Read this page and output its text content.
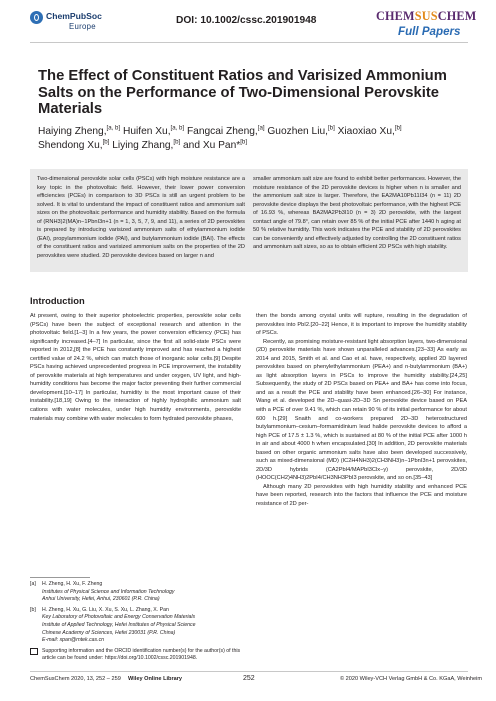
ChemPubSoc
Europe
DOI: 10.1002/cssc.201901948	CHEMSUSCHEM
Full Papers
The Effect of Constituent Ratios and Varisized Ammonium Salts on the Performance of Two-Dimensional Perovskite Materials
Haiying Zheng,[a, b] Huifen Xu,[a, b] Fangcai Zheng,[a] Guozhen Liu,[b] Xiaoxiao Xu,[b]
Shendong Xu,[b] Liying Zhang,[b] and Xu Pan*[b]
Two-dimensional perovskite solar cells (PSCs) with high moisture resistance are a key topic in the photovoltaic field. However, their lower power conversion efficiencies (PCEs) in comparison to 3D PSCs is still an urgent problem to be solved. It is vital to understand the impact of constituent ratios and ammonium salt sizes on the photovoltaic performance and humidity stability. Based on the formula of (RNH3)2(MA)n−1PbnI3n+1 (n = 1, 3, 5, 7, 9, and 11), a series of 2D perovskites is prepared by introducing varisized ammonium salts of ethylammonium iodide (EAI), propylammonium iodide (PAI), and butylammonium iodide (BAI). The effects of the constituent ratios and varisized ammonium salts on the properties of the 2D perovskites were studied. 2D perovskite devices based on larger n and
smaller ammonium salt size are found to exhibit better performances. However, the moisture resistance of the 2D perovskite devices is higher when n is smaller and the ammonium salt size is larger. Therefore, the EA2MA10Pb11I34 (n = 11) 2D perovskite device displays the best photovoltaic performance, with the highest PCE of 16.93 %, whereas BA2MA2Pb3I10 (n = 3) 2D perovskite, with the largest contact angle of 79.8°, can retain over 85 % of the initial PCE after 1440 h aging at 50 % relative humidity. This work indicates the PCE and stability of 2D perovskites can be conveniently and effectively adjusted by controlling the 2D constituent ratios and ammonium salt sizes, so as to obtain efficient 2D PSCs with high stability.
Introduction

At present, owing to their superior photoelectric properties, perovskite solar cells (PSCs) have been the subject of exceptional research and attention in the photovoltaic field.[1–3] In a few years, the power conversion efficiency (PCE) has significantly increased.[4–7] In particular, since the first all solid-state PSCs were reported in 2012,[8] the PCE has constantly improved and has reached a highest certified value of 24.2 %, which can match those of inorganic solar cells.[9] Despite PSCs having achieved unprecedented progress in PCE improvement, the instability of perovskite materials at high temperatures and under oxygen, UV light, and high-humidity conditions has become the major factor preventing their further commercial development.[10–17] In particular, humidity is the most important cause of their instability.[18,19] Owing to the interaction of highly hydrophilic ammonium salt cations with water molecules, under high humidity environments, perovskite materials may combine with water molecules to form hydrated perovskite phases,

then the bonds among crystal units will rupture, resulting in the degradation of perovskites into PbI2.[20–22] Hence, it is important to improve the humidity stability of PSCs.

Recently, as promising moisture-resistant light absorption layers, two-dimensional (2D) perovskite materials have shown unparalleled advances.[23–33] As early as 2014 and 2015, Smith et al. and Cao et al. have, respectively, applied 2D layered perovskites based on phenylethylammonium (PEA+) and n-butylammonium (BA+) as light absorption layers in PSCs to improve the humidity stability.[24,25] Subsequently, the study of 2D PSCs based on PEA+ and BA+ has come into focus, and as a result the PCE and stability have been enhanced.[26–30] For instance, Wang et al. developed the 2D–quasi-2D–3D Sn perovskite device based on PEA with a PCE of over 9.41 %, which can retain 90 % of its initial performance for about 600 h.[29] Snaith and co-workers prepared 2D–3D heterostructured butylammonium–cesium–formamidinium lead halide perovskite devices to afford a high PCE of 17.5 ± 1.3 %, which is sustained at 80 % of the initial PCE after 1000 h in air and about 4000 h when encapsulated.[30] In addition, 2D perovskite materials based on other organic ammonium salts have also been developed successively, such as mixed-dimensional (MD) (IC2H4NH3)2(CH3NH3)n−1PbnI3n+1 perovskites, 2D/3D hybrids (CA2PbI4/MAPbI3Clx−y) perovskite, 2D/3D (HOOC(CH2)4NH3)2PbI4/CH3NH3PbI3 perovskite, and so on.[35–43]

Although many 2D perovskites with high humidity stability and enhanced PCE have been reported, research into the factors that influence the PCE and moisture resistance of 2D per-

[a]	H. Zheng, H. Xu, F. Zheng
Institutes of Physical Science and Information Technology
Anhui University, Hefei, Anhui, 230601 (P.R. China)
[b]	H. Zheng, H. Xu, G. Liu, X. Xu, S. Xu, L. Zhang, X. Pan
Key Laboratory of Photovoltaic and Energy Conservation Materials
Institute of Applied Technology, Hefei Institutes of Physical Science
Chinese Academy of Sciences, Hefei 230031 (P.R. China)
E-mail: xpan@rntek.cas.cn
Supporting information and the ORCID identification number(s) for the author(s) of this article can be found under: https://doi.org/10.1002/cssc.201901948.
ChemSusChem 2020, 13, 252 – 259 Wiley Online Library	252	© 2020 Wiley-VCH Verlag GmbH & Co. KGaA, Weinheim
